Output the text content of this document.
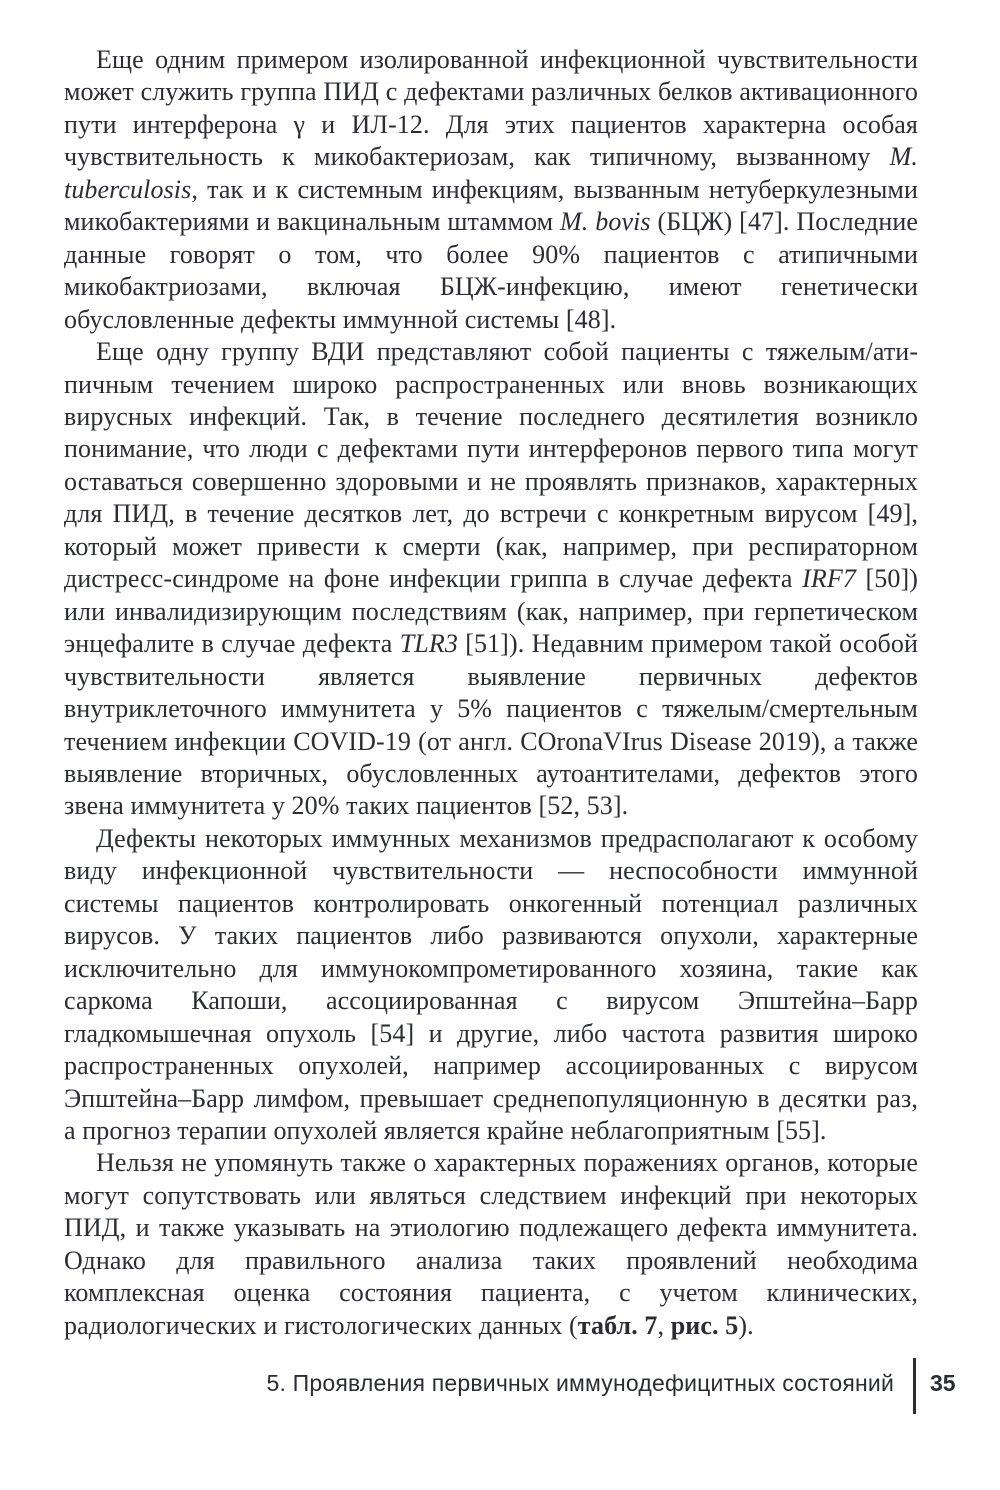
Еще одним примером изолированной инфекционной чувствительности может служить группа ПИД с дефектами различных белков активационного пути интерферона γ и ИЛ-12. Для этих пациентов характерна особая чувствительность к микобактериозам, как типичному, вызванному M. tuberculosis, так и к системным инфекциям, вызванным нетуберкулезными микобактериями и вакцинальным штаммом M. bovis (БЦЖ) [47]. Последние данные говорят о том, что более 90% пациентов с атипичными микобактриозами, включая БЦЖ-инфекцию, имеют генетически обусловленные дефекты иммунной системы [48].

Еще одну группу ВДИ представляют собой пациенты с тяжелым/атипичным течением широко распространенных или вновь возникающих вирусных инфекций. Так, в течение последнего десятилетия возникло понимание, что люди с дефектами пути интерферонов первого типа могут оставаться совершенно здоровыми и не проявлять признаков, характерных для ПИД, в течение десятков лет, до встречи с конкретным вирусом [49], который может привести к смерти (как, например, при респираторном дистресс-синдроме на фоне инфекции гриппа в случае дефекта IRF7 [50]) или инвалидизирующим последствиям (как, например, при герпетическом энцефалите в случае дефекта TLR3 [51]). Недавним примером такой особой чувствительности является выявление первичных дефектов внутриклеточного иммунитета у 5% пациентов с тяжелым/смертельным течением инфекции COVID-19 (от англ. COronaVIrus Disease 2019), а также выявление вторичных, обусловленных аутоантителами, дефектов этого звена иммунитета у 20% таких пациентов [52, 53].

Дефекты некоторых иммунных механизмов предрасполагают к особому виду инфекционной чувствительности — неспособности иммунной системы пациентов контролировать онкогенный потенциал различных вирусов. У таких пациентов либо развиваются опухоли, характерные исключительно для иммунокомпрометированного хозяина, такие как саркома Капоши, ассоциированная с вирусом Эпштейна–Барр гладкомышечная опухоль [54] и другие, либо частота развития широко распространенных опухолей, например ассоциированных с вирусом Эпштейна–Барр лимфом, превышает среднепопуляционную в десятки раз, а прогноз терапии опухолей является крайне неблагоприятным [55].

Нельзя не упомянуть также о характерных поражениях органов, которые могут сопутствовать или являться следствием инфекций при некоторых ПИД, и также указывать на этиологию подлежащего дефекта иммунитета. Однако для правильного анализа таких проявлений необходима комплексная оценка состояния пациента, с учетом клинических, радиологических и гистологических данных (табл. 7, рис. 5).

5. Проявления первичных иммунодефицитных состояний 35
